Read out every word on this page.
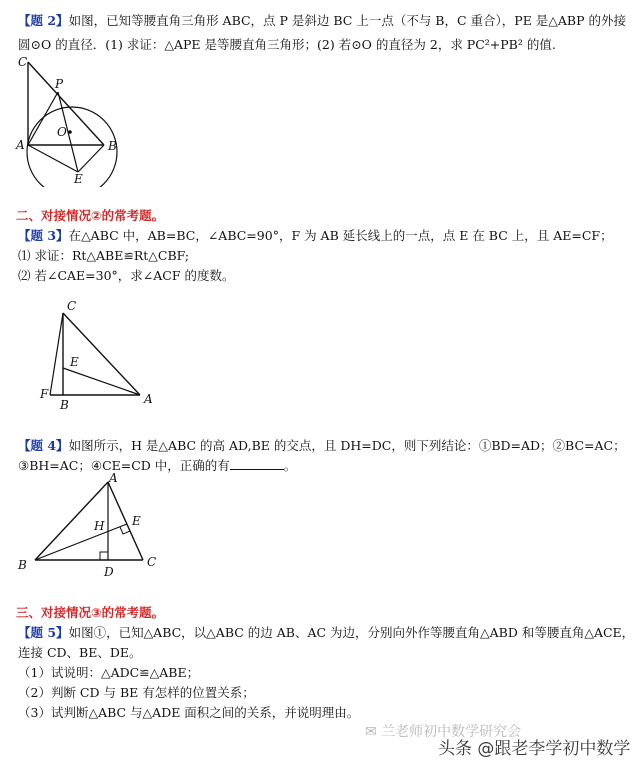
【题 2】如图，已知等腰直角三角形 ABC，点 P 是斜边 BC 上一点（不与 B，C 重合），PE 是△ABP 的外接
圆⊙O 的直径．(1) 求证：△APE 是等腰直角三角形；(2) 若⊙O 的直径为 2，求 PC²+PB² 的值.
C
P
O
A	B
E
二、对接情况②的常考题。
【题 3】在△ABC 中，AB=BC，∠ABC=90°，F 为 AB 延长线上的一点，点 E 在 BC 上，且 AE=CF；
⑴ 求证：Rt△ABE≌Rt△CBF;
⑵ 若∠CAE=30°，求∠ACF 的度数。
C
E
F
B	A
【题 4】如图所示，H 是△ABC 的高 AD,BE 的交点，且 DH=DC，则下列结论：①BD=AD；②BC=AC；
③BH=AC；④CE=CD 中，正确的有	。
A
H E
B	D
C
三、对接情况③的常考题。
【题 5】如图①，已知△ABC，以△ABC 的边 AB、AC 为边，分别向外作等腰直角△ABD 和等腰直角△ACE，
连接 CD、BE、DE。
（1）试说明：△ADC≌△ABE；
（2）判断 CD 与 BE 有怎样的位置关系；
（3）试判断△ABC 与△ADE 面积之间的关系，并说明理由。
✉ 兰老师初中数学研究会
头条 @跟老李学初中数学
